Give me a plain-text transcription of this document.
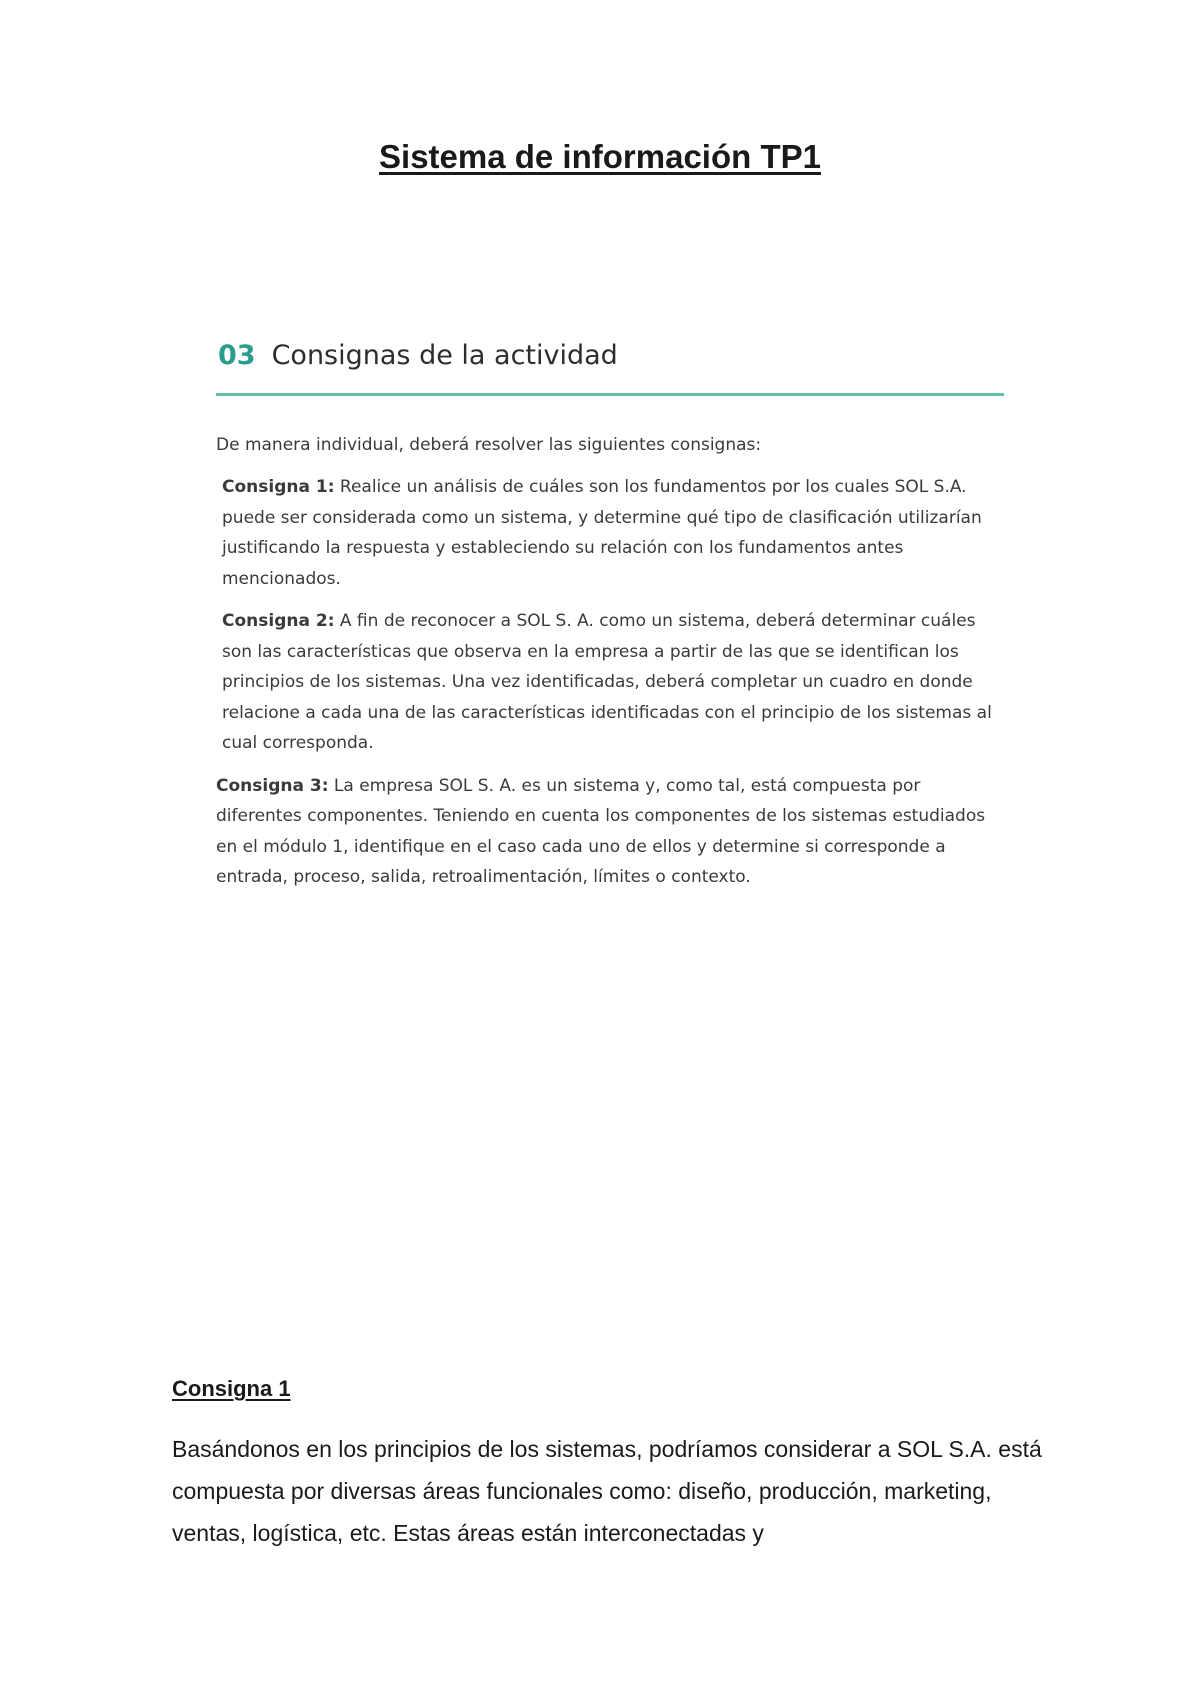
Sistema de información TP1
03 Consignas de la actividad

De manera individual, deberá resolver las siguientes consignas:

Consigna 1: Realice un análisis de cuáles son los fundamentos por los cuales SOL S.A. puede ser considerada como un sistema, y determine qué tipo de clasificación utilizarían justificando la respuesta y estableciendo su relación con los fundamentos antes mencionados.

Consigna 2: A fin de reconocer a SOL S. A. como un sistema, deberá determinar cuáles son las características que observa en la empresa a partir de las que se identifican los principios de los sistemas. Una vez identificadas, deberá completar un cuadro en donde relacione a cada una de las características identificadas con el principio de los sistemas al cual corresponda.

Consigna 3: La empresa SOL S. A. es un sistema y, como tal, está compuesta por diferentes componentes. Teniendo en cuenta los componentes de los sistemas estudiados en el módulo 1, identifique en el caso cada uno de ellos y determine si corresponde a entrada, proceso, salida, retroalimentación, límites o contexto.

Consigna 1

Basándonos en los principios de los sistemas, podríamos considerar a SOL S.A. está compuesta por diversas áreas funcionales como: diseño, producción, marketing, ventas, logística, etc. Estas áreas están interconectadas y
